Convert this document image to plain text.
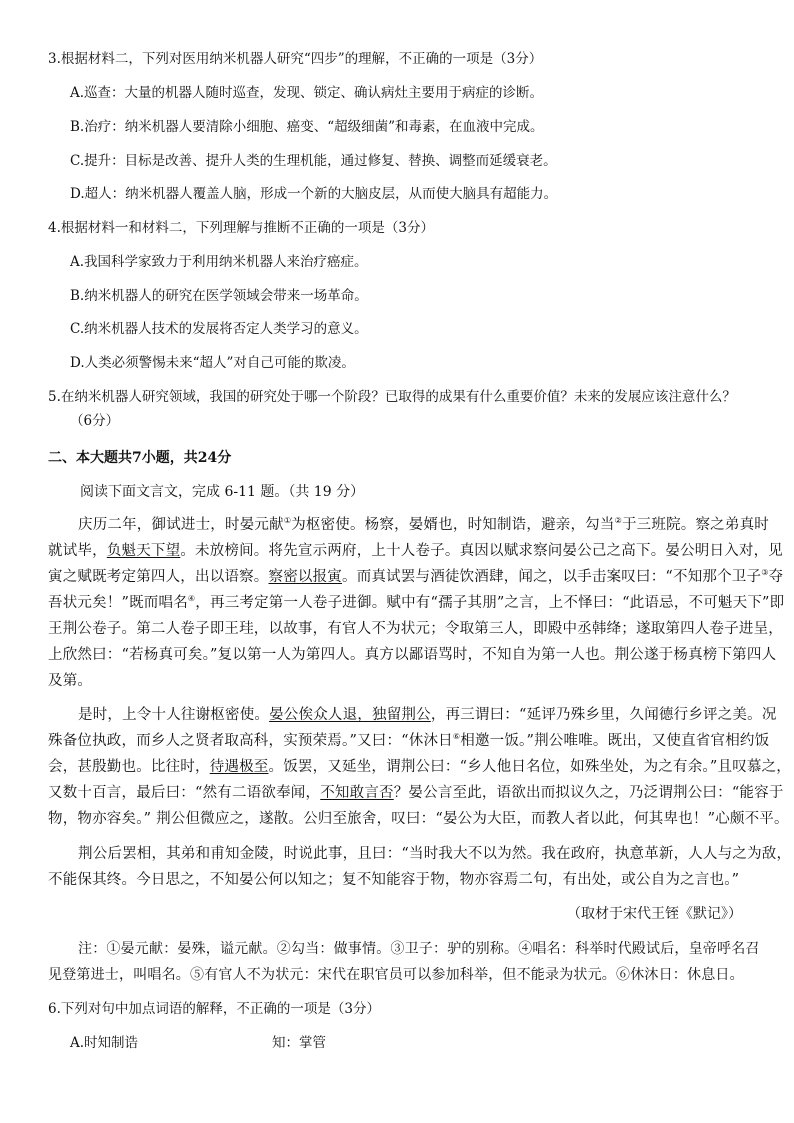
3.根据材料二，下列对医用纳米机器人研究“四步”的理解，不正确的一项是（3分）
A.巡查：大量的机器人随时巡查，发现、锁定、确认病灶主要用于病症的诊断。
B.治疗：纳米机器人要清除小细胞、癌变、“超级细菌”和毒素，在血液中完成。
C.提升：目标是改善、提升人类的生理机能，通过修复、替换、调整而延缓衰老。
D.超人：纳米机器人覆盖人脑，形成一个新的大脑皮层，从而使大脑具有超能力。
4.根据材料一和材料二，下列理解与推断不正确的一项是（3分）
A.我国科学家致力于利用纳米机器人来治疗癌症。
B.纳米机器人的研究在医学领域会带来一场革命。
C.纳米机器人技术的发展将否定人类学习的意义。
D.人类必须警惕未来“超人”对自己可能的欺凌。
5.在纳米机器人研究领域，我国的研究处于哪一个阶段？已取得的成果有什么重要价值？未来的发展应该注意什么？
（6分）
二、本大题共7小题，共24分
阅读下面文言文，完成 6-11 题。（共 19 分）
庆历二年，御试进士，时晏元献①为枢密使。杨察，晏婿也，时知制诰，避亲，勾当②于三班院。察之弟真时
就试毕，负魁天下望。未放榜间。将先宣示两府，上十人卷子。真因以赋求察问晏公己之高下。晏公明日入对，见
寅之赋既考定第四人，出以语察。察密以报寅。而真试罢与酒徒饮酒肆，闻之，以手击案叹曰：“不知那个卫子③夺
吾状元矣！”既而唱名④，再三考定第一人卷子进御。赋中有“孺子其朋”之言，上不怿曰：“此语忌，不可魁天下”即
王荆公卷子。第二人卷子即王珪，以故事，有官人不为状元；令取第三人，即殿中丞韩绛；遂取第四人卷子进呈，
上欣然曰：“若杨真可矣。”复以第一人为第四人。真方以鄙语骂时，不知自为第一人也。荆公遂于杨真榜下第四人
及第。
是时，上令十人往谢枢密使。晏公俟众人退，独留荆公，再三谓曰：“延评乃殊乡里，久闻德行乡评之美。况
殊备位执政，而乡人之贤者取高科，实预荣焉。”又曰：“休沐日⑥相邀一饭。”荆公唯唯。既出，又使直省官相约饭
会，甚殷勤也。比往时，待遇极至。饭罢，又延坐，谓荆公曰：“乡人他日名位，如殊坐处，为之有余。”且叹慕之，
又数十百言，最后曰：“然有二语欲奉闻，不知敢言否？晏公言至此，语欲出而拟议久之，乃泛谓荆公曰：“能容于
物，物亦容矣。” 荆公但微应之，遂散。公归至旅舍，叹曰：“晏公为大臣，而教人者以此，何其卑也！”心颇不平。
荆公后罢相，其弟和甫知金陵，时说此事，且曰：“当时我大不以为然。我在政府，执意革新，人人与之为敌，
不能保其终。今日思之，不知晏公何以知之；复不知能容于物，物亦容焉二句，有出处，或公自为之言也。”
（取材于宋代王铚《默记》）
注：①晏元献：晏殊，谥元献。②勾当：做事情。③卫子：驴的别称。④唱名：科举时代殿试后，皇帝呼名召
见登第进士，叫唱名。⑤有官人不为状元：宋代在职官员可以参加科举，但不能录为状元。⑥休沐日：休息日。
6.下列对句中加点词语的解释，不正确的一项是（3分）
A.时知制诰	知：掌管
